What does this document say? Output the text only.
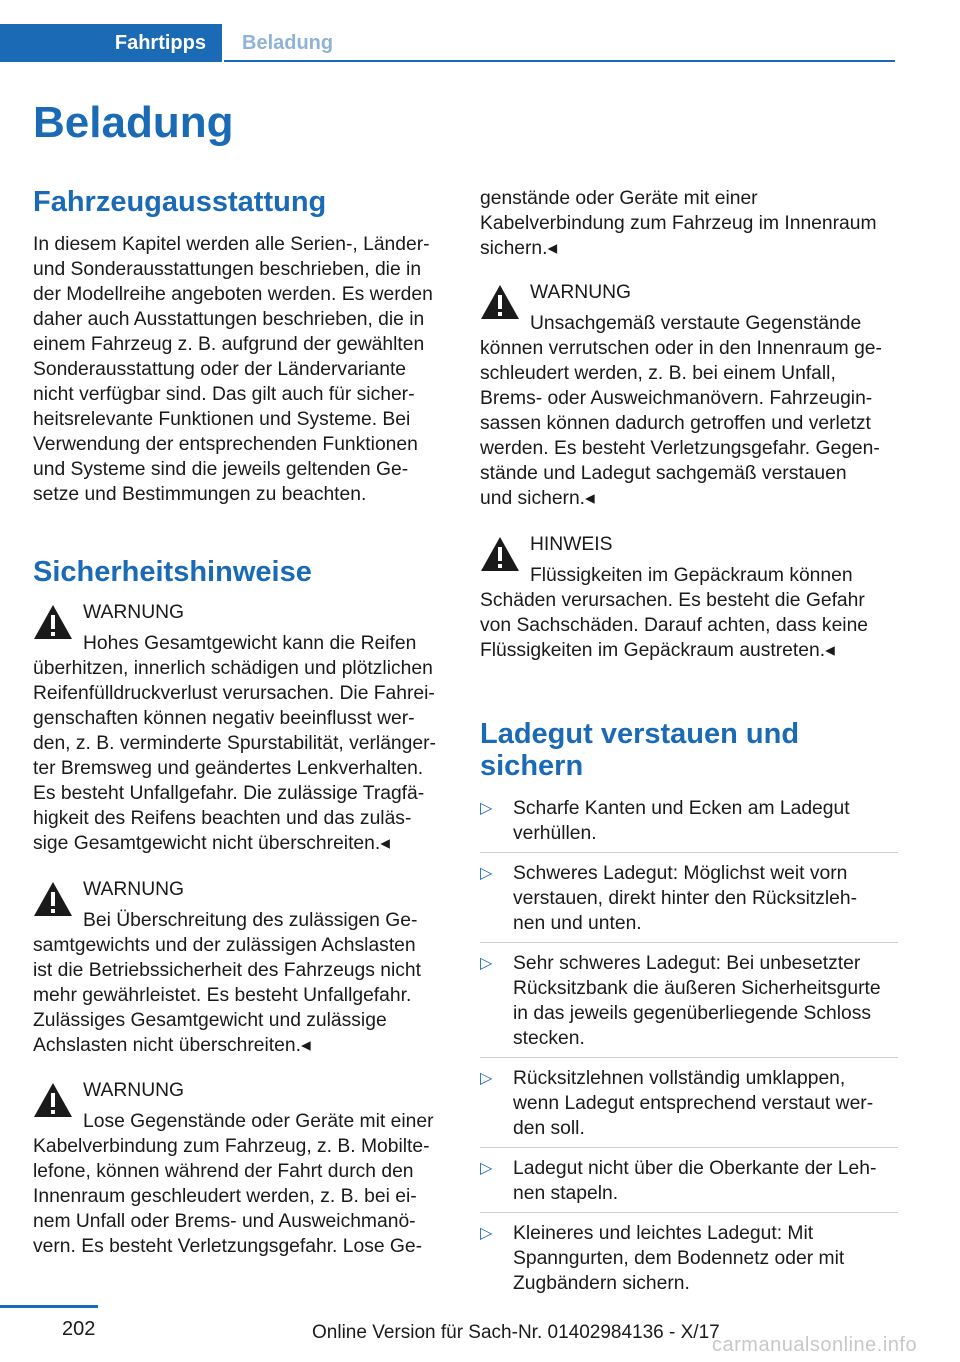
Fahrtipps	Beladung
Beladung
Fahrzeugausstattung
In diesem Kapitel werden alle Serien-, Länder-
und Sonderausstattungen beschrieben, die in
der Modellreihe angeboten werden. Es werden
daher auch Ausstattungen beschrieben, die in
einem Fahrzeug z. B. aufgrund der gewählten
Sonderausstattung oder der Ländervariante
nicht verfügbar sind. Das gilt auch für sicher-
heitsrelevante Funktionen und Systeme. Bei
Verwendung der entsprechenden Funktionen
und Systeme sind die jeweils geltenden Ge-
setze und Bestimmungen zu beachten.
Sicherheitshinweise
WARNUNG
Hohes Gesamtgewicht kann die Reifen
überhitzen, innerlich schädigen und plötzlichen
Reifenfülldruckverlust verursachen. Die Fahrei-
genschaften können negativ beeinflusst wer-
den, z. B. verminderte Spurstabilität, verlänger-
ter Bremsweg und geändertes Lenkverhalten.
Es besteht Unfallgefahr. Die zulässige Tragfä-
higkeit des Reifens beachten und das zuläs-
sige Gesamtgewicht nicht überschreiten.◂
WARNUNG
Bei Überschreitung des zulässigen Ge-
samtgewichts und der zulässigen Achslasten
ist die Betriebssicherheit des Fahrzeugs nicht
mehr gewährleistet. Es besteht Unfallgefahr.
Zulässiges Gesamtgewicht und zulässige
Achslasten nicht überschreiten.◂
WARNUNG
Lose Gegenstände oder Geräte mit einer
Kabelverbindung zum Fahrzeug, z. B. Mobilte-
lefone, können während der Fahrt durch den
Innenraum geschleudert werden, z. B. bei ei-
nem Unfall oder Brems- und Ausweichmanö-
vern. Es besteht Verletzungsgefahr. Lose Ge-
genstände oder Geräte mit einer
Kabelverbindung zum Fahrzeug im Innenraum
sichern.◂
WARNUNG
Unsachgemäß verstaute Gegenstände
können verrutschen oder in den Innenraum ge-
schleudert werden, z. B. bei einem Unfall,
Brems- oder Ausweichmanövern. Fahrzeugin-
sassen können dadurch getroffen und verletzt
werden. Es besteht Verletzungsgefahr. Gegen-
stände und Ladegut sachgemäß verstauen
und sichern.◂
HINWEIS
Flüssigkeiten im Gepäckraum können
Schäden verursachen. Es besteht die Gefahr
von Sachschäden. Darauf achten, dass keine
Flüssigkeiten im Gepäckraum austreten.◂
Ladegut verstauen und
sichern
▷ Scharfe Kanten und Ecken am Ladegut
verhüllen.
▷ Schweres Ladegut: Möglichst weit vorn
verstauen, direkt hinter den Rücksitzleh-
nen und unten.
▷ Sehr schweres Ladegut: Bei unbesetzter
Rücksitzbank die äußeren Sicherheitsgurte
in das jeweils gegenüberliegende Schloss
stecken.
▷ Rücksitzlehnen vollständig umklappen,
wenn Ladegut entsprechend verstaut wer-
den soll.
▷ Ladegut nicht über die Oberkante der Leh-
nen stapeln.
▷ Kleineres und leichtes Ladegut: Mit
Spanngurten, dem Bodennetz oder mit
Zugbändern sichern.
202	Online Version für Sach-Nr. 01402984136 - X/17
carmanualsonline.info
